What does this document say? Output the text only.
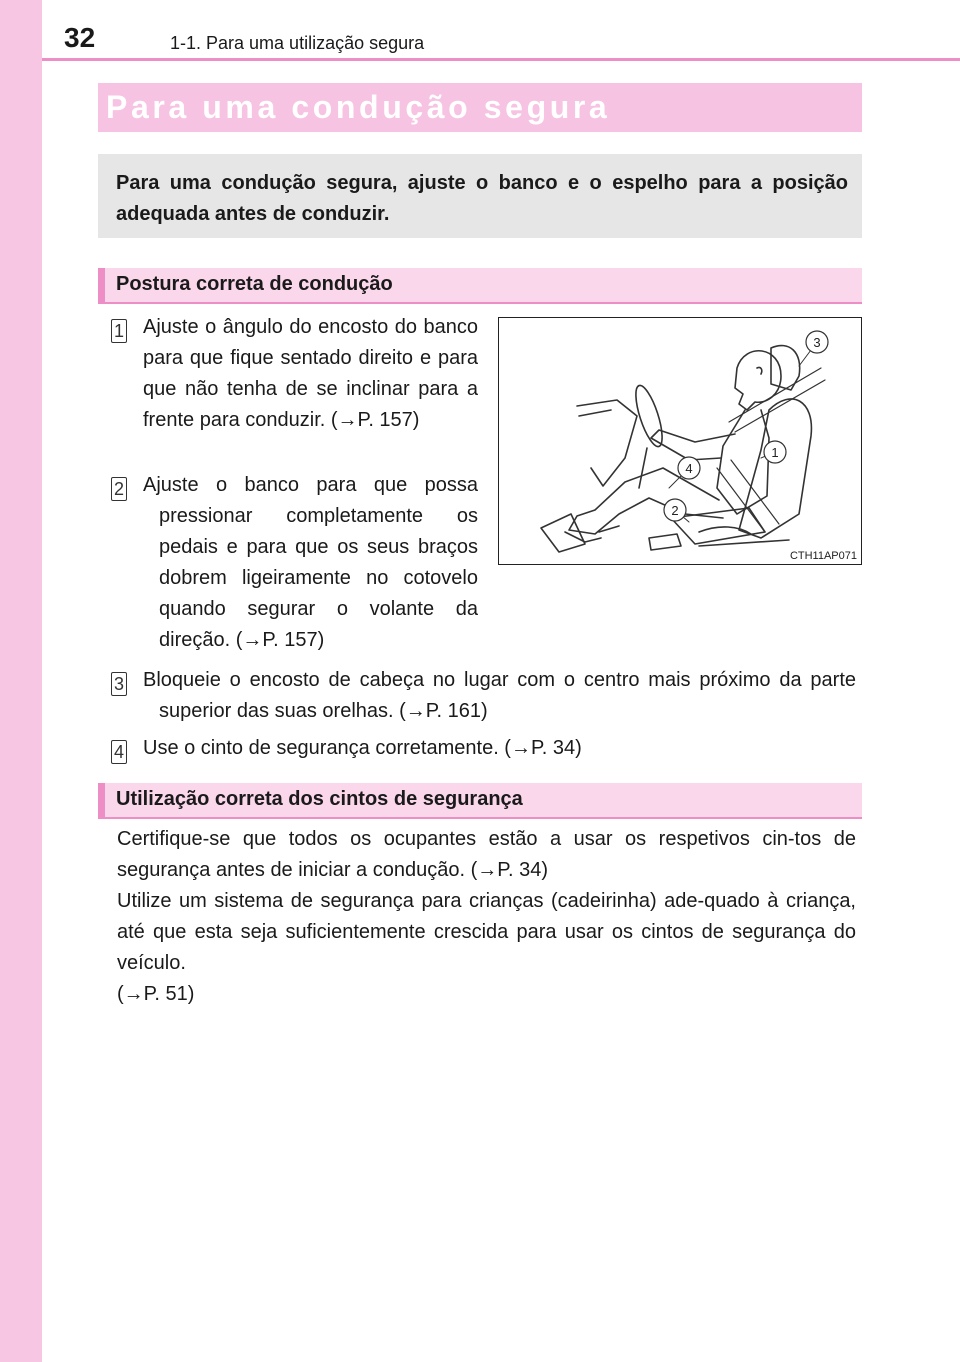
32	1-1. Para uma utilização segura
Para uma condução segura

Para uma condução segura, ajuste o banco e o espelho para a posição adequada antes de conduzir.

Postura correta de condução
1 Ajuste o ângulo do encosto do banco para que fique sentado direito e para que não tenha de se inclinar para a frente para conduzir. (→P. 157)

2 Ajuste o banco para que possa pressionar completamente os pedais e para que os seus braços dobrem ligeiramente no cotovelo quando segurar o volante da direção. (→P. 157)

3
1
4
2
CTH11AP071
3 Bloqueie o encosto de cabeça no lugar com o centro mais próximo da parte superior das suas orelhas. (→P. 161)

4 Use o cinto de segurança corretamente. (→P. 34)

Utilização correta dos cintos de segurança

Certifique-se que todos os ocupantes estão a usar os respetivos cin-tos de segurança antes de iniciar a condução. (→P. 34)

Utilize um sistema de segurança para crianças (cadeirinha) ade-quado à criança, até que esta seja suficientemente crescida para usar os cintos de segurança do veículo.

(→P. 51)
